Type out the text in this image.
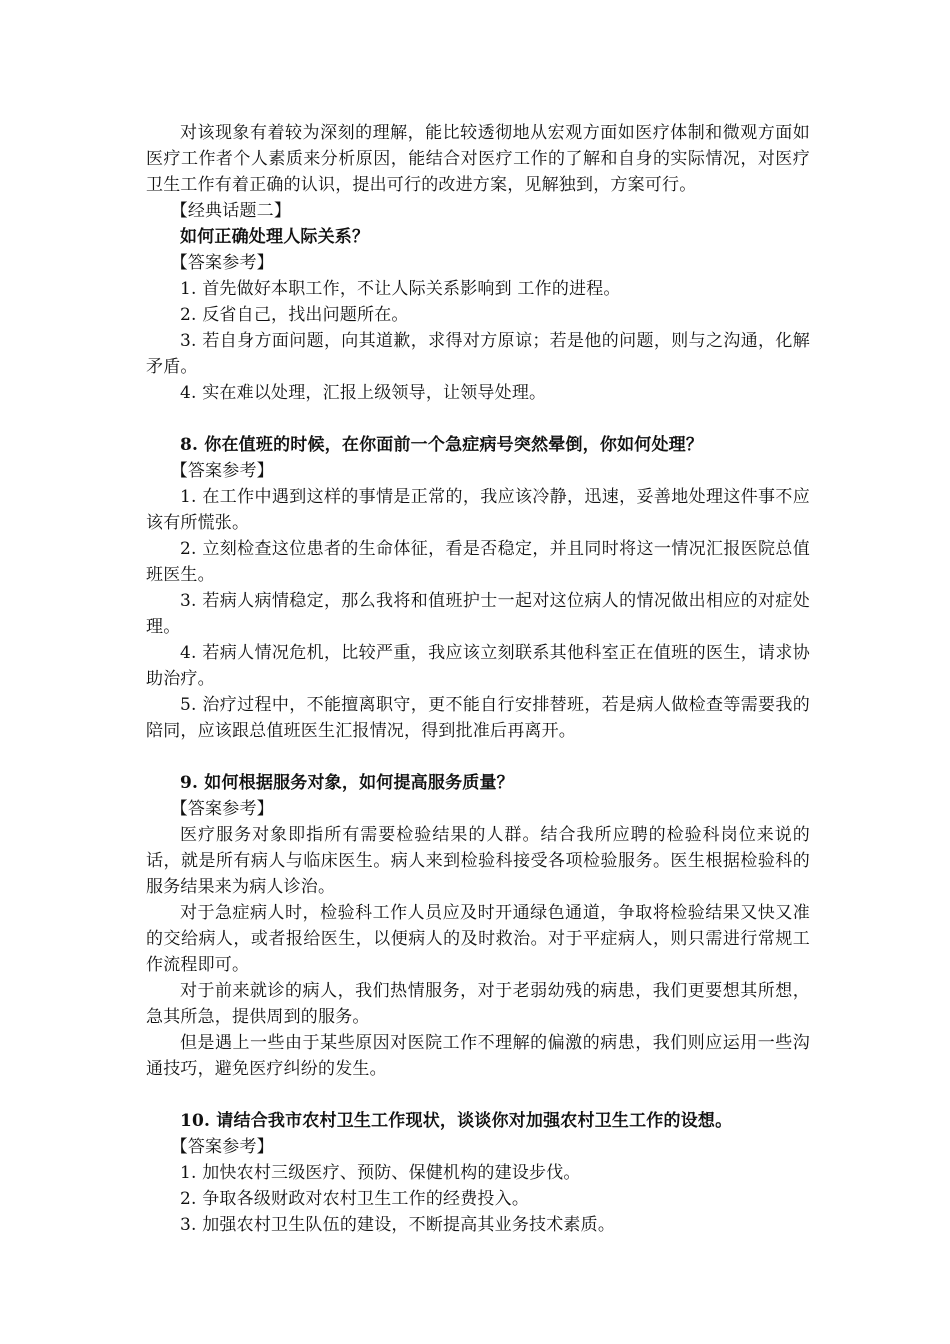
对该现象有着较为深刻的理解，能比较透彻地从宏观方面如医疗体制和微观方面如医疗工作者个人素质来分析原因，能结合对医疗工作的了解和自身的实际情况，对医疗卫生工作有着正确的认识，提出可行的改进方案，见解独到，方案可行。

【经典话题二】

如何正确处理人际关系？

【答案参考】

1. 首先做好本职工作，不让人际关系影响到 工作的进程。

2. 反省自己，找出问题所在。

3. 若自身方面问题，向其道歉，求得对方原谅；若是他的问题，则与之沟通，化解矛盾。

4. 实在难以处理，汇报上级领导，让领导处理。

8. 你在值班的时候，在你面前一个急症病号突然晕倒，你如何处理？

【答案参考】

1. 在工作中遇到这样的事情是正常的，我应该冷静，迅速，妥善地处理这件事不应该有所慌张。

2. 立刻检查这位患者的生命体征，看是否稳定，并且同时将这一情况汇报医院总值班医生。

3. 若病人病情稳定，那么我将和值班护士一起对这位病人的情况做出相应的对症处理。

4. 若病人情况危机，比较严重，我应该立刻联系其他科室正在值班的医生，请求协助治疗。

5. 治疗过程中，不能擅离职守，更不能自行安排替班，若是病人做检查等需要我的陪同，应该跟总值班医生汇报情况，得到批准后再离开。

9. 如何根据服务对象，如何提高服务质量？

【答案参考】

医疗服务对象即指所有需要检验结果的人群。结合我所应聘的检验科岗位来说的话，就是所有病人与临床医生。病人来到检验科接受各项检验服务。医生根据检验科的服务结果来为病人诊治。

对于急症病人时，检验科工作人员应及时开通绿色通道，争取将检验结果又快又准的交给病人，或者报给医生，以便病人的及时救治。对于平症病人，则只需进行常规工作流程即可。

对于前来就诊的病人，我们热情服务，对于老弱幼残的病患，我们更要想其所想，急其所急，提供周到的服务。

但是遇上一些由于某些原因对医院工作不理解的偏激的病患，我们则应运用一些沟通技巧，避免医疗纠纷的发生。

10. 请结合我市农村卫生工作现状，谈谈你对加强农村卫生工作的设想。

【答案参考】

1. 加快农村三级医疗、预防、保健机构的建设步伐。

2. 争取各级财政对农村卫生工作的经费投入。

3. 加强农村卫生队伍的建设，不断提高其业务技术素质。
